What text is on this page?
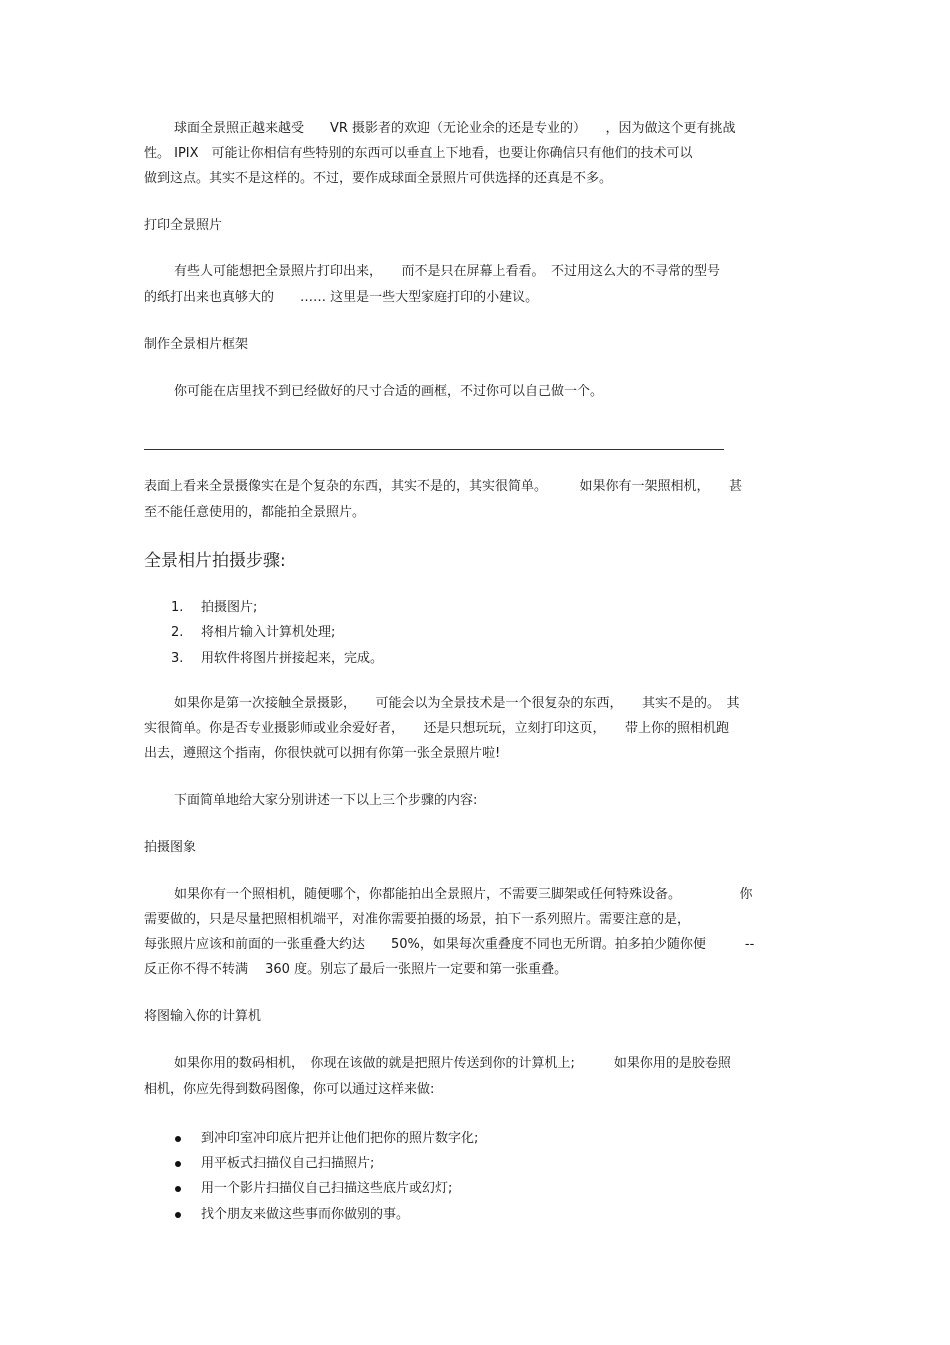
球面全景照正越来越受　　VR 摄影者的欢迎（无论业余的还是专业的）　　，因为做这个更有挑战
性。 IPIX　可能让你相信有些特别的东西可以垂直上下地看，也要让你确信只有他们的技术可以
做到这点。其实不是这样的。不过，要作成球面全景照片可供选择的还真是不多。
打印全景照片
有些人可能想把全景照片打印出来，　　而不是只在屏幕上看看。　不过用这么大的不寻常的型号
的纸打出来也真够大的　　…… 这里是一些大型家庭打印的小建议。
制作全景相片框架
你可能在店里找不到已经做好的尺寸合适的画框，不过你可以自己做一个。
表面上看来全景摄像实在是个复杂的东西，其实不是的，其实很简单。　　　如果你有一架照相机，　　甚
至不能任意使用的，都能拍全景照片。
全景相片拍摄步骤:
1. 拍摄图片;
2. 将相片输入计算机处理;
3. 用软件将图片拼接起来，完成。
如果你是第一次接触全景摄影，　　可能会以为全景技术是一个很复杂的东西，　　其实不是的。　其
实很简单。你是否专业摄影师或业余爱好者，　　还是只想玩玩，立刻打印这页，　　带上你的照相机跑
出去，遵照这个指南，你很快就可以拥有你第一张全景照片啦!
下面简单地给大家分别讲述一下以上三个步骤的内容:
拍摄图象
如果你有一个照相机，随便哪个，你都能拍出全景照片，不需要三脚架或任何特殊设备。　　　　　你
需要做的，只是尽量把照相机端平，对准你需要拍摄的场景，拍下一系列照片。需要注意的是，
每张照片应该和前面的一张重叠大约达　　50%，如果每次重叠度不同也无所谓。拍多拍少随你便　　　--
反正你不得不转满　 360 度。别忘了最后一张照片一定要和第一张重叠。
将图输入你的计算机
如果你用的数码相机，　你现在该做的就是把照片传送到你的计算机上;　　　如果你用的是胶卷照
相机，你应先得到数码图像，你可以通过这样来做:
到冲印室冲印底片把并让他们把你的照片数字化;
用平板式扫描仪自己扫描照片;
用一个影片扫描仪自己扫描这些底片或幻灯;
找个朋友来做这些事而你做别的事。
